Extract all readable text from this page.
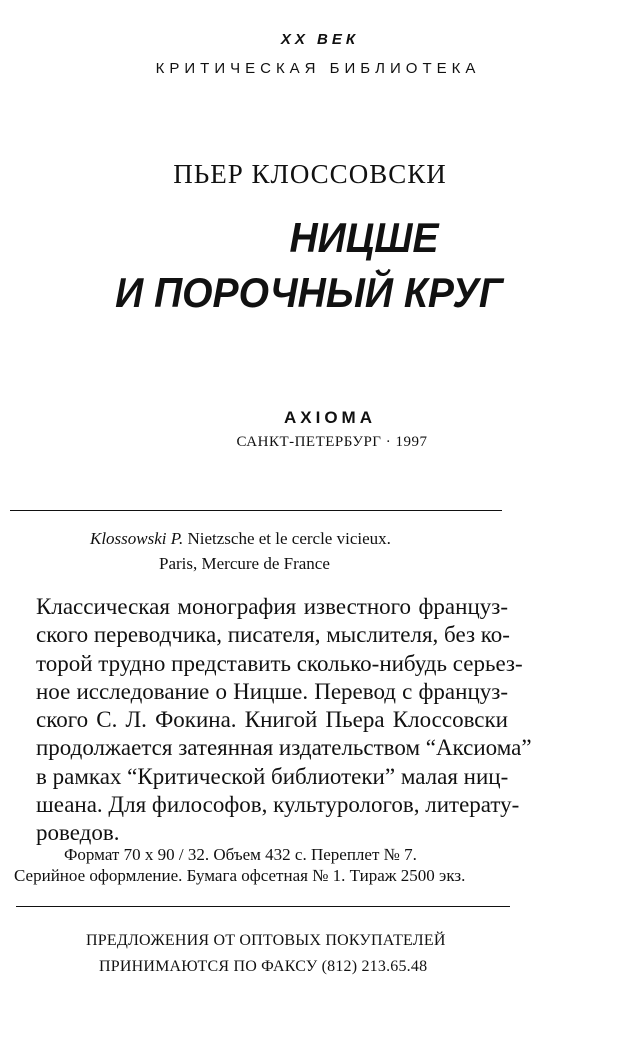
XX ВЕК
КРИТИЧЕСКАЯ БИБЛИОТЕКА
ПЬЕР КЛОССОВСКИ
НИЦШЕ
И ПОРОЧНЫЙ КРУГ
AXIOMA
САНКТ-ПЕТЕРБУРГ · 1997
Klossowski P. Nietzsche et le cercle vicieux.
Paris, Mercure de France
Классическая монография известного француз-
ского переводчика, писателя, мыслителя, без ко-
торой трудно представить сколько-нибудь серьез-
ное исследование о Ницше. Перевод с француз-
ского С. Л. Фокина. Книгой Пьера Клоссовски
продолжается затеянная издательством “Аксиома”
в рамках “Критической библиотеки” малая ниц-
шеана. Для философов, культурологов, литерату-
роведов.
Формат 70 x 90 / 32. Объем 432 с. Переплет № 7.
Серийное оформление. Бумага офсетная № 1. Тираж 2500 экз.
ПРЕДЛОЖЕНИЯ ОТ ОПТОВЫХ ПОКУПАТЕЛЕЙ
ПРИНИМАЮТСЯ ПО ФАКСУ (812) 213.65.48
